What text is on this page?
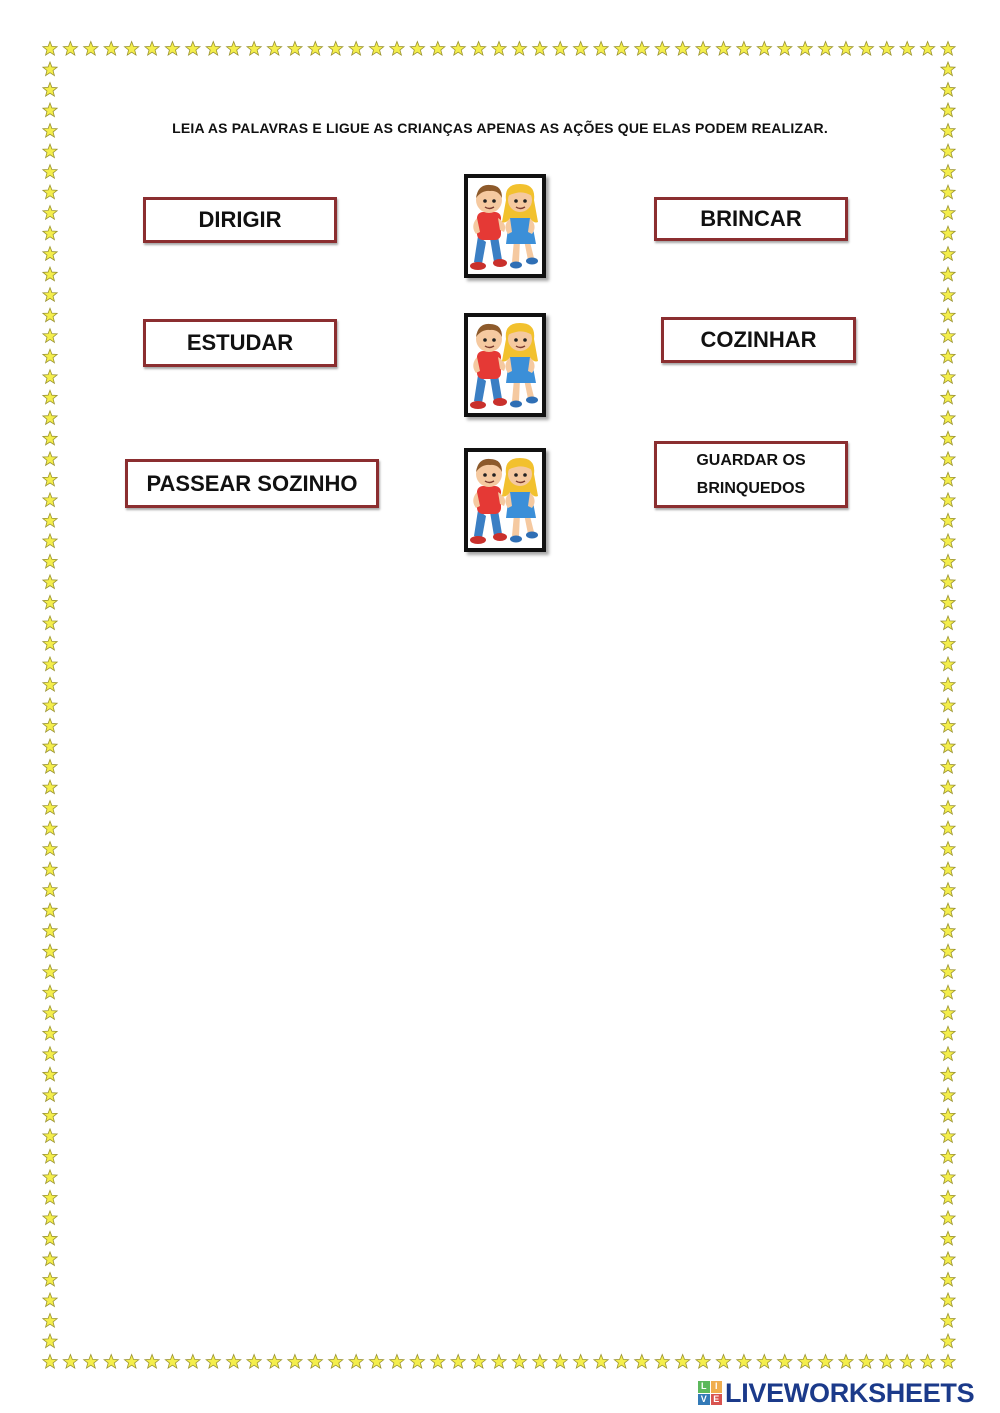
LEIA AS PALAVRAS E LIGUE AS CRIANÇAS APENAS AS AÇÕES QUE ELAS PODEM REALIZAR.
DIRIGIR
ESTUDAR
PASSEAR SOZINHO
BRINCAR
COZINHAR
GUARDAR OS
BRINQUEDOS
L I
V E LIVEWORKSHEETS
